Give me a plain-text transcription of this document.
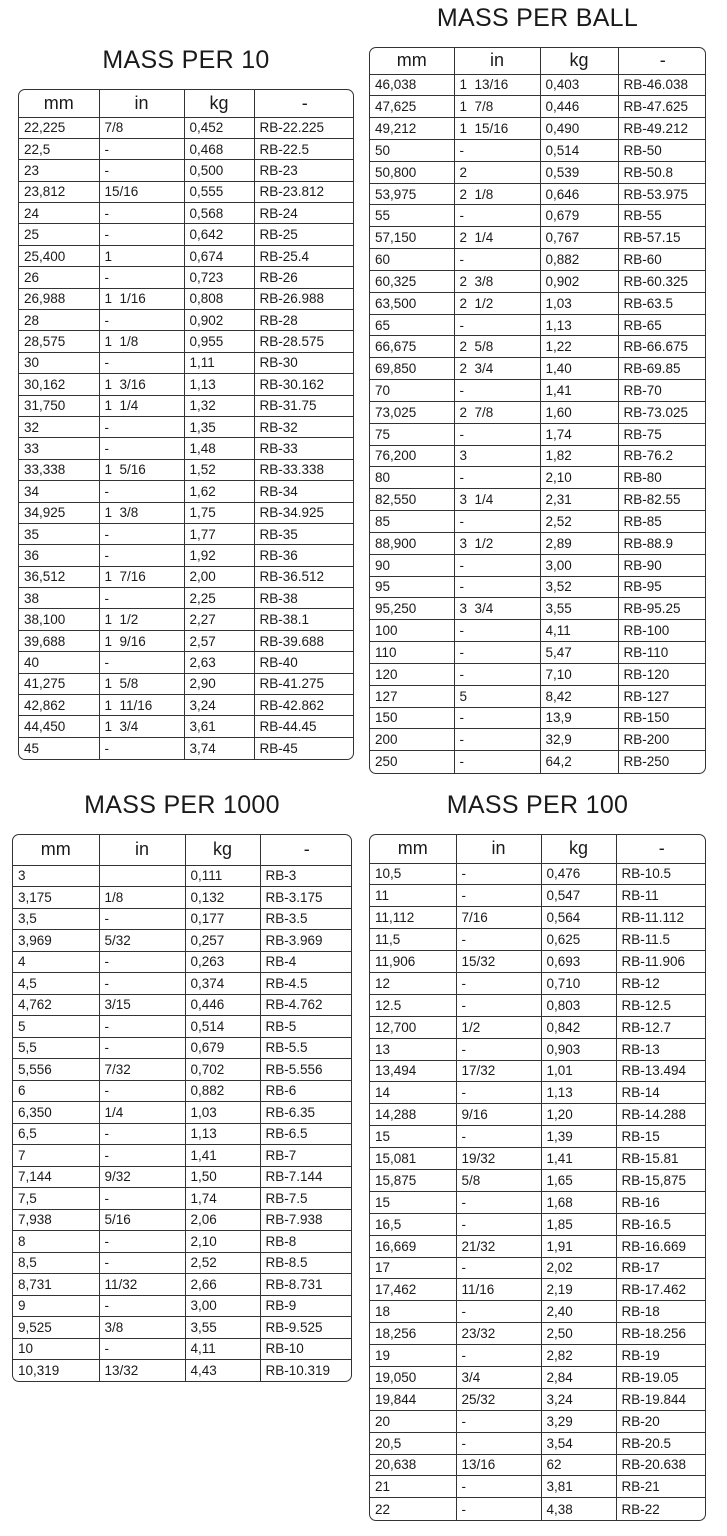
MASS PER 10
mm	in	kg	-
22,225	7/8	0,452	RB-22.225
22,5	-	0,468	RB-22.5
23	-	0,500	RB-23
23,812	15/16	0,555	RB-23.812
24	-	0,568	RB-24
25	-	0,642	RB-25
25,400	1	0,674	RB-25.4
26	-	0,723	RB-26
26,988	1  1/16	0,808	RB-26.988
28	-	0,902	RB-28
28,575	1  1/8	0,955	RB-28.575
30	-	1,11	RB-30
30,162	1  3/16	1,13	RB-30.162
31,750	1  1/4	1,32	RB-31.75
32	-	1,35	RB-32
33	-	1,48	RB-33
33,338	1  5/16	1,52	RB-33.338
34	-	1,62	RB-34
34,925	1  3/8	1,75	RB-34.925
35	-	1,77	RB-35
36	-	1,92	RB-36
36,512	1  7/16	2,00	RB-36.512
38	-	2,25	RB-38
38,100	1  1/2	2,27	RB-38.1
39,688	1  9/16	2,57	RB-39.688
40	-	2,63	RB-40
41,275	1  5/8	2,90	RB-41.275
42,862	1  11/16	3,24	RB-42.862
44,450	1  3/4	3,61	RB-44.45
45	-	3,74	RB-45
MASS PER BALL
mm	in	kg	-
46,038	1  13/16	0,403	RB-46.038
47,625	1  7/8	0,446	RB-47.625
49,212	1  15/16	0,490	RB-49.212
50	-	0,514	RB-50
50,800	2	0,539	RB-50.8
53,975	2  1/8	0,646	RB-53.975
55	-	0,679	RB-55
57,150	2  1/4	0,767	RB-57.15
60	-	0,882	RB-60
60,325	2  3/8	0,902	RB-60.325
63,500	2  1/2	1,03	RB-63.5
65	-	1,13	RB-65
66,675	2  5/8	1,22	RB-66.675
69,850	2  3/4	1,40	RB-69.85
70	-	1,41	RB-70
73,025	2  7/8	1,60	RB-73.025
75	-	1,74	RB-75
76,200	3	1,82	RB-76.2
80	-	2,10	RB-80
82,550	3  1/4	2,31	RB-82.55
85	-	2,52	RB-85
88,900	3  1/2	2,89	RB-88.9
90	-	3,00	RB-90
95	-	3,52	RB-95
95,250	3  3/4	3,55	RB-95.25
100	-	4,11	RB-100
110	-	5,47	RB-110
120	-	7,10	RB-120
127	5	8,42	RB-127
150	-	13,9	RB-150
200	-	32,9	RB-200
250	-	64,2	RB-250
MASS PER 1000
mm	in	kg	-
3		0,111	RB-3
3,175	1/8	0,132	RB-3.175
3,5	-	0,177	RB-3.5
3,969	5/32	0,257	RB-3.969
4	-	0,263	RB-4
4,5	-	0,374	RB-4.5
4,762	3/15	0,446	RB-4.762
5	-	0,514	RB-5
5,5	-	0,679	RB-5.5
5,556	7/32	0,702	RB-5.556
6	-	0,882	RB-6
6,350	1/4	1,03	RB-6.35
6,5	-	1,13	RB-6.5
7	-	1,41	RB-7
7,144	9/32	1,50	RB-7.144
7,5	-	1,74	RB-7.5
7,938	5/16	2,06	RB-7.938
8	-	2,10	RB-8
8,5	-	2,52	RB-8.5
8,731	11/32	2,66	RB-8.731
9	-	3,00	RB-9
9,525	3/8	3,55	RB-9.525
10	-	4,11	RB-10
10,319	13/32	4,43	RB-10.319
MASS PER 100
mm	in	kg	-
10,5	-	0,476	RB-10.5
11	-	0,547	RB-11
11,112	7/16	0,564	RB-11.112
11,5	-	0,625	RB-11.5
11,906	15/32	0,693	RB-11.906
12	-	0,710	RB-12
12.5	-	0,803	RB-12.5
12,700	1/2	0,842	RB-12.7
13	-	0,903	RB-13
13,494	17/32	1,01	RB-13.494
14	-	1,13	RB-14
14,288	9/16	1,20	RB-14.288
15	-	1,39	RB-15
15,081	19/32	1,41	RB-15.81
15,875	5/8	1,65	RB-15,875
15	-	1,68	RB-16
16,5	-	1,85	RB-16.5
16,669	21/32	1,91	RB-16.669
17	-	2,02	RB-17
17,462	11/16	2,19	RB-17.462
18	-	2,40	RB-18
18,256	23/32	2,50	RB-18.256
19	-	2,82	RB-19
19,050	3/4	2,84	RB-19.05
19,844	25/32	3,24	RB-19.844
20	-	3,29	RB-20
20,5	-	3,54	RB-20.5
20,638	13/16	62	RB-20.638
21	-	3,81	RB-21
22	-	4,38	RB-22
